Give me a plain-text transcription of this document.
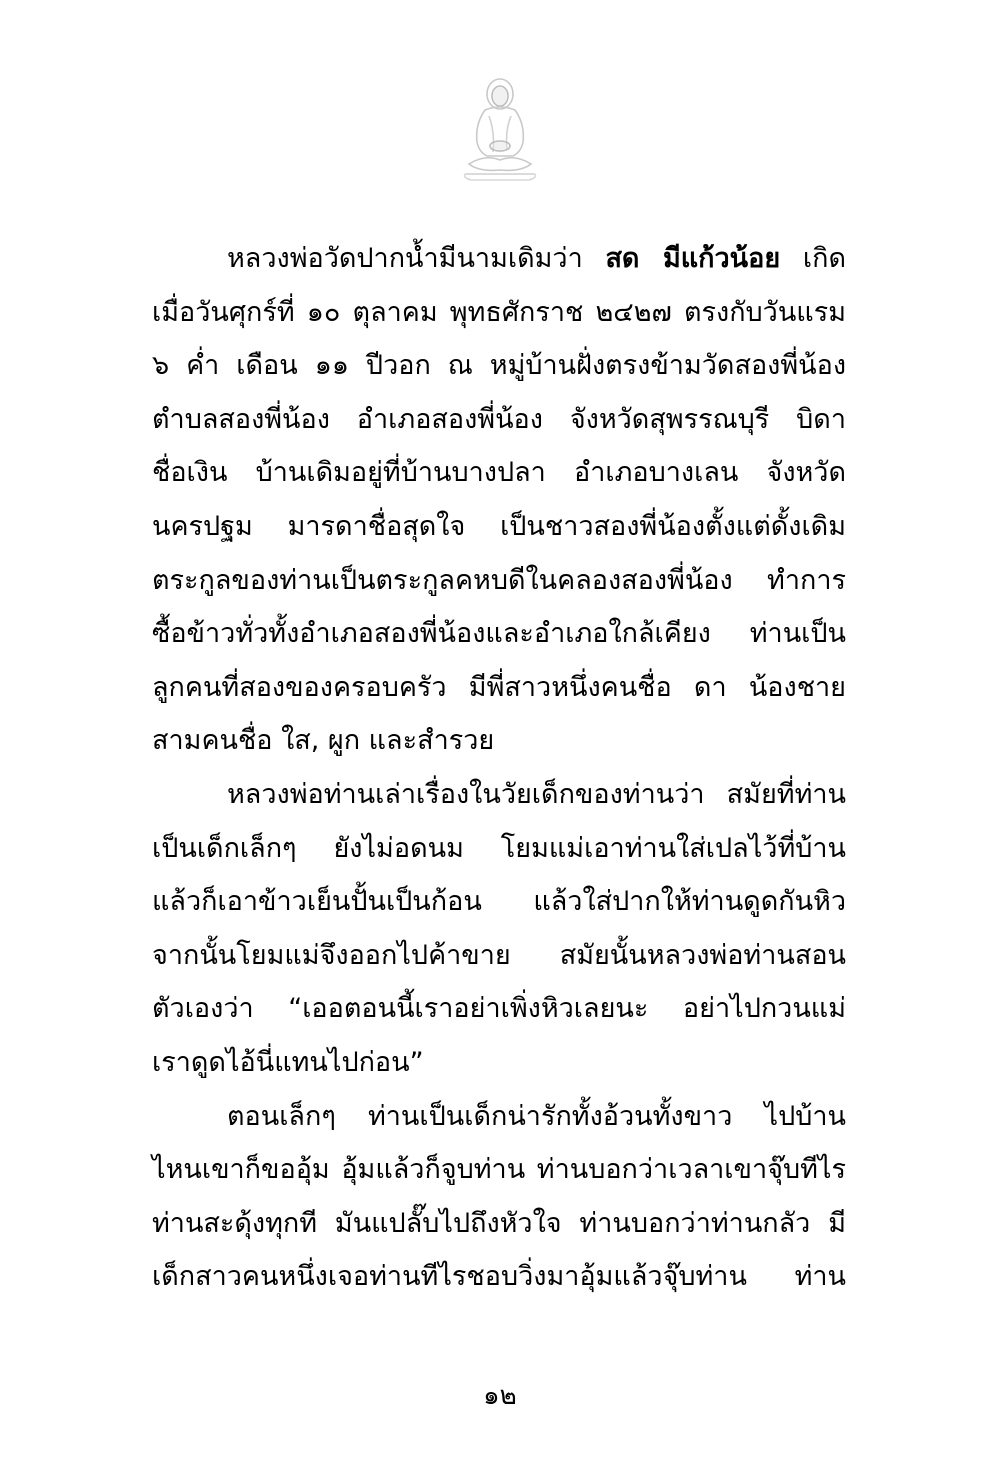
หลวงพ่อวัดปากน้ำมีนามเดิมว่า สด มีแก้วน้อย เกิด
เมื่อวันศุกร์ที่ ๑๐ ตุลาคม พุทธศักราช ๒๔๒๗ ตรงกับวันแรม
๖ ค่ำ เดือน ๑๑ ปีวอก ณ หมู่บ้านฝั่งตรงข้ามวัดสองพี่น้อง
ตำบลสองพี่น้อง อำเภอสองพี่น้อง จังหวัดสุพรรณบุรี บิดา
ชื่อเงิน บ้านเดิมอยู่ที่บ้านบางปลา อำเภอบางเลน จังหวัด
นครปฐม มารดาชื่อสุดใจ เป็นชาวสองพี่น้องตั้งแต่ดั้งเดิม
ตระกูลของท่านเป็นตระกูลคหบดีในคลองสองพี่น้อง ทำการ
ซื้อข้าวทั่วทั้งอำเภอสองพี่น้องและอำเภอใกล้เคียง ท่านเป็น
ลูกคนที่สองของครอบครัว มีพี่สาวหนึ่งคนชื่อ ดา น้องชาย
สามคนชื่อ ใส, ผูก และสำรวย
หลวงพ่อท่านเล่าเรื่องในวัยเด็กของท่านว่า สมัยที่ท่าน
เป็นเด็กเล็กๆ ยังไม่อดนม โยมแม่เอาท่านใส่เปลไว้ที่บ้าน
แล้วก็เอาข้าวเย็นปั้นเป็นก้อน แล้วใส่ปากให้ท่านดูดกันหิว
จากนั้นโยมแม่จึงออกไปค้าขาย สมัยนั้นหลวงพ่อท่านสอน
ตัวเองว่า “เออตอนนี้เราอย่าเพิ่งหิวเลยนะ อย่าไปกวนแม่
เราดูดไอ้นี่แทนไปก่อน”
ตอนเล็กๆ ท่านเป็นเด็กน่ารักทั้งอ้วนทั้งขาว ไปบ้าน
ไหนเขาก็ขออุ้ม อุ้มแล้วก็จูบท่าน ท่านบอกว่าเวลาเขาจุ๊บทีไร
ท่านสะดุ้งทุกที มันแปลั๊บไปถึงหัวใจ ท่านบอกว่าท่านกลัว มี
เด็กสาวคนหนึ่งเจอท่านทีไรชอบวิ่งมาอุ้มแล้วจุ๊บท่าน ท่าน
๑๒
